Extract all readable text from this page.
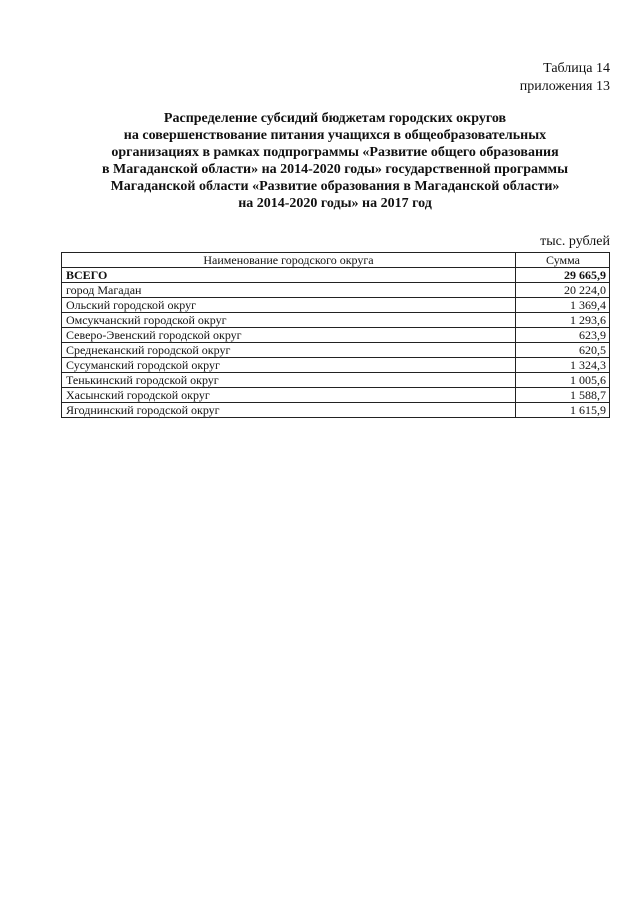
Таблица 14
приложения 13
Распределение субсидий бюджетам городских округов
на совершенствование питания учащихся в общеобразовательных
организациях в рамках подпрограммы «Развитие общего образования
в Магаданской области» на 2014-2020 годы» государственной программы
Магаданской области «Развитие образования в Магаданской области»
на 2014-2020 годы» на 2017 год
тыс. рублей
Наименование городского округа	Сумма
ВСЕГО	29 665,9
город Магадан	20 224,0
Ольский городской округ	1 369,4
Омсукчанский городской округ	1 293,6
Северо-Эвенский городской округ	623,9
Среднеканский городской округ	620,5
Сусуманский городской округ	1 324,3
Тенькинский городской округ	1 005,6
Хасынский городской округ	1 588,7
Ягоднинский городской округ	1 615,9
